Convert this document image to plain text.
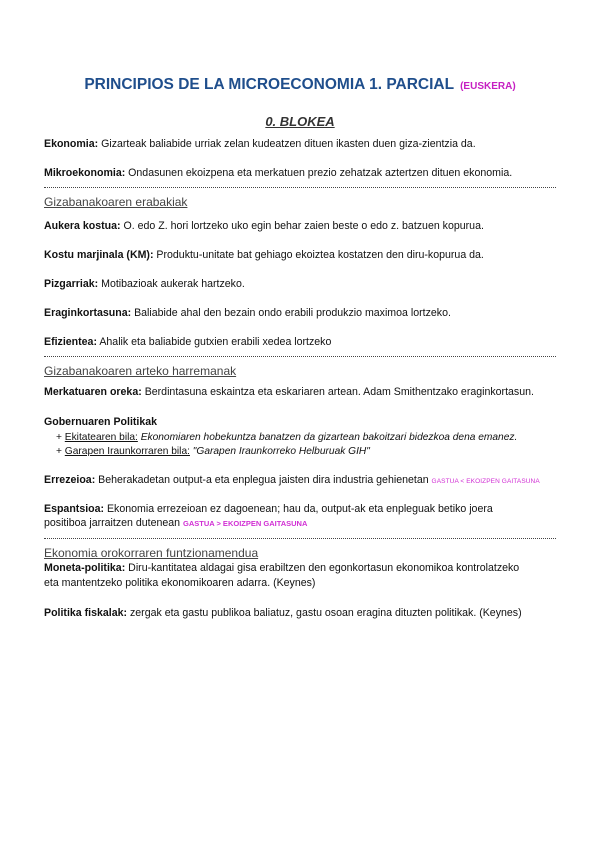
PRINCIPIOS DE LA MICROECONOMIA 1. PARCIAL (EUSKERA)
0. BLOKEA
Ekonomia: Gizarteak baliabide urriak zelan kudeatzen dituen ikasten duen giza-zientzia da.
Mikroekonomia: Ondasunen ekoizpena eta merkatuen prezio zehatzak aztertzen dituen ekonomia.
Gizabanakoaren erabakiak
Aukera kostua: O. edo Z. hori lortzeko uko egin behar zaien beste o edo z. batzuen kopurua.
Kostu marjinala (KM): Produktu-unitate bat gehiago ekoiztea kostatzen den diru-kopurua da.
Pizgarriak: Motibazioak aukerak hartzeko.
Eraginkortasuna: Baliabide ahal den bezain ondo erabili produkzio maximoa lortzeko.
Efizientea: Ahalik eta baliabide gutxien erabili xedea lortzeko
Gizabanakoaren arteko harremanak
Merkatuaren oreka: Berdintasuna eskaintza eta eskariaren artean. Adam Smithentzako eraginkortasun.
Gobernuaren Politikak
+ Ekitatearen bila: Ekonomiaren hobekuntza banatzen da gizartean bakoitzari bidezkoa dena emanez.
+ Garapen Iraunkorraren bila: "Garapen Iraunkorreko Helburuak GIH"
Errezeioa: Beherakadetan output-a eta enplegua jaisten dira industria gehienetan GASTUA < EKOIZPEN GAITASUNA
Espantsioa: Ekonomia errezeioan ez dagoenean; hau da, output-ak eta enpleguak betiko joera
positiboa jarraitzen dutenean GASTUA > EKOIZPEN GAITASUNA
Ekonomia orokorraren funtzionamendua
Moneta-politika: Diru-kantitatea aldagai gisa erabiltzen den egonkortasun ekonomikoa kontrolatzeko
eta mantentzeko politika ekonomikoaren adarra. (Keynes)
Politika fiskalak: zergak eta gastu publikoa baliatuz, gastu osoan eragina dituzten politikak. (Keynes)
